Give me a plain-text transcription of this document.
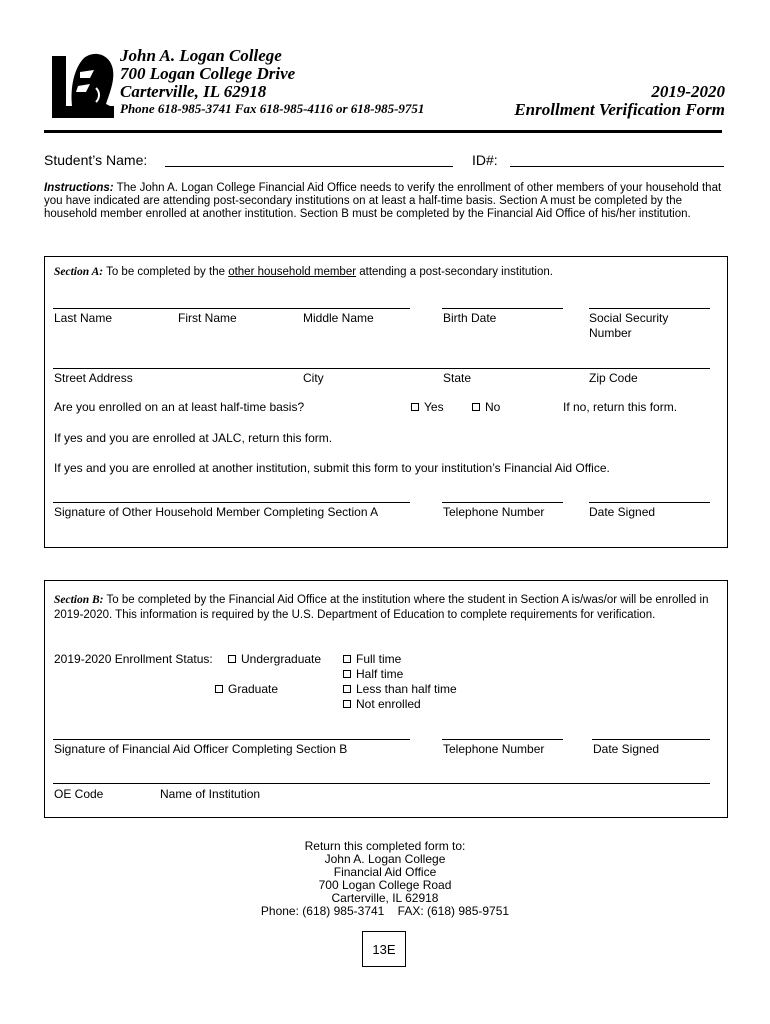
John A. Logan College
700 Logan College Drive
Carterville, IL 62918
Phone 618-985-3741 Fax 618-985-4116 or 618-985-9751
2019-2020
Enrollment Verification Form
Student’s Name:	ID#:
Instructions: The John A. Logan College Financial Aid Office needs to verify the enrollment of other members of your household that you have indicated are attending post-secondary institutions on at least a half-time basis. Section A must be completed by the household member enrolled at another institution. Section B must be completed by the Financial Aid Office of his/her institution.
Section A: To be completed by the other household member attending a post-secondary institution.
Last Name	First Name	Middle Name	Birth Date	Social Security
Number
Street Address	City	State	Zip Code
Are you enrolled on an at least half-time basis?	Yes	No	If no, return this form.
If yes and you are enrolled at JALC, return this form.
If yes and you are enrolled at another institution, submit this form to your institution’s Financial Aid Office.
Signature of Other Household Member Completing Section A	Telephone Number	Date Signed
Section B: To be completed by the Financial Aid Office at the institution where the student in Section A is/was/or will be enrolled in 2019-2020. This information is required by the U.S. Department of Education to complete requirements for verification.
2019-2020 Enrollment Status:	Undergraduate
Graduate
Full time
Half time
Less than half time
Not enrolled
Signature of Financial Aid Officer Completing Section B	Telephone Number	Date Signed
OE Code	Name of Institution
Return this completed form to:
John A. Logan College
Financial Aid Office
700 Logan College Road
Carterville, IL 62918
Phone: (618) 985-3741    FAX: (618) 985-9751
13E
